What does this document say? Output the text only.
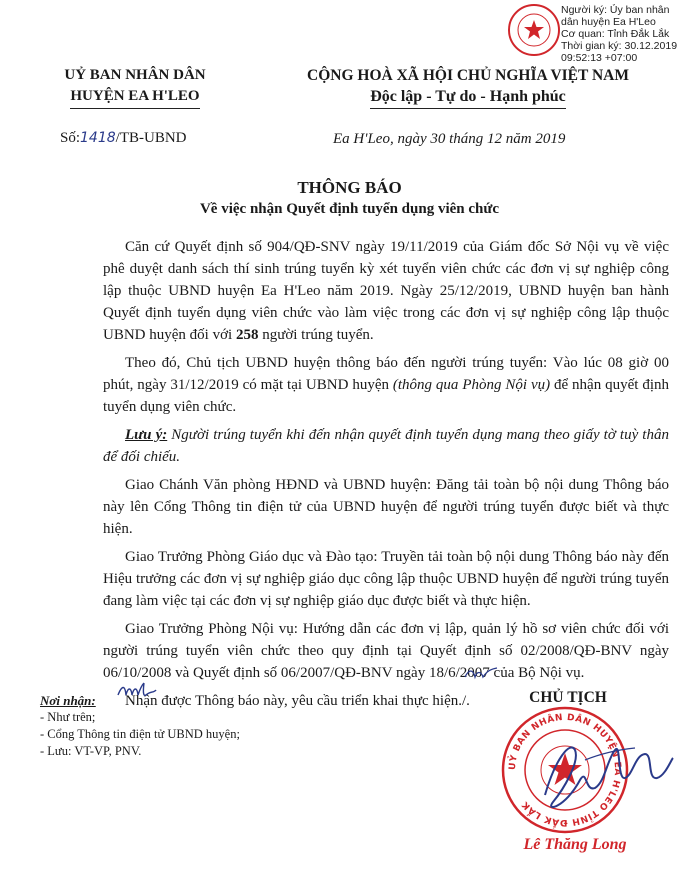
Người ký: Ủy ban nhân
dân huyện Ea H'Leo
Cơ quan: Tỉnh Đắk Lắk
Thời gian ký: 30.12.2019
09:52:13 +07:00
UỶ BAN NHÂN DÂN
HUYỆN EA H'LEO
CỘNG HOÀ XÃ HỘI CHỦ NGHĨA VIỆT NAM
Độc lập - Tự do - Hạnh phúc
Số:1418/TB-UBND	Ea H'Leo, ngày 30 tháng 12 năm 2019
THÔNG BÁO
Về việc nhận Quyết định tuyển dụng viên chức

Căn cứ Quyết định số 904/QĐ-SNV ngày 19/11/2019 của Giám đốc Sở Nội vụ về việc phê duyệt danh sách thí sinh trúng tuyển kỳ xét tuyển viên chức các đơn vị sự nghiệp công lập thuộc UBND huyện Ea H'Leo năm 2019. Ngày 25/12/2019, UBND huyện ban hành Quyết định tuyển dụng viên chức vào làm việc trong các đơn vị sự nghiệp công lập thuộc UBND huyện đối với 258 người trúng tuyển.

Theo đó, Chủ tịch UBND huyện thông báo đến người trúng tuyển: Vào lúc 08 giờ 00 phút, ngày 31/12/2019 có mặt tại UBND huyện (thông qua Phòng Nội vụ) để nhận quyết định tuyển dụng viên chức.

Lưu ý: Người trúng tuyển khi đến nhận quyết định tuyển dụng mang theo giấy tờ tuỳ thân để đối chiếu.

Giao Chánh Văn phòng HĐND và UBND huyện: Đăng tải toàn bộ nội dung Thông báo này lên Cổng Thông tin điện tử của UBND huyện để người trúng tuyển được biết và thực hiện.

Giao Trưởng Phòng Giáo dục và Đào tạo: Truyền tải toàn bộ nội dung Thông báo này đến Hiệu trưởng các đơn vị sự nghiệp giáo dục công lập thuộc UBND huyện để người trúng tuyển đang làm việc tại các đơn vị sự nghiệp giáo dục được biết và thực hiện.

Giao Trưởng Phòng Nội vụ: Hướng dẫn các đơn vị lập, quản lý hồ sơ viên chức đối với người trúng tuyển viên chức theo quy định tại Quyết định số 02/2008/QĐ-BNV ngày 06/10/2008 và Quyết định số 06/2007/QĐ-BNV ngày 18/6/2007 của Bộ Nội vụ.

Nhận được Thông báo này, yêu cầu triển khai thực hiện./.

Nơi nhận:
- Như trên;
- Cổng Thông tin điện tử UBND huyện;
- Lưu: VT-VP, PNV.
CHỦ TỊCH
UỶ BAN NHÂN DÂN HUYỆN EA H'LEO TỈNH ĐẮK LẮK
Lê Thăng Long
